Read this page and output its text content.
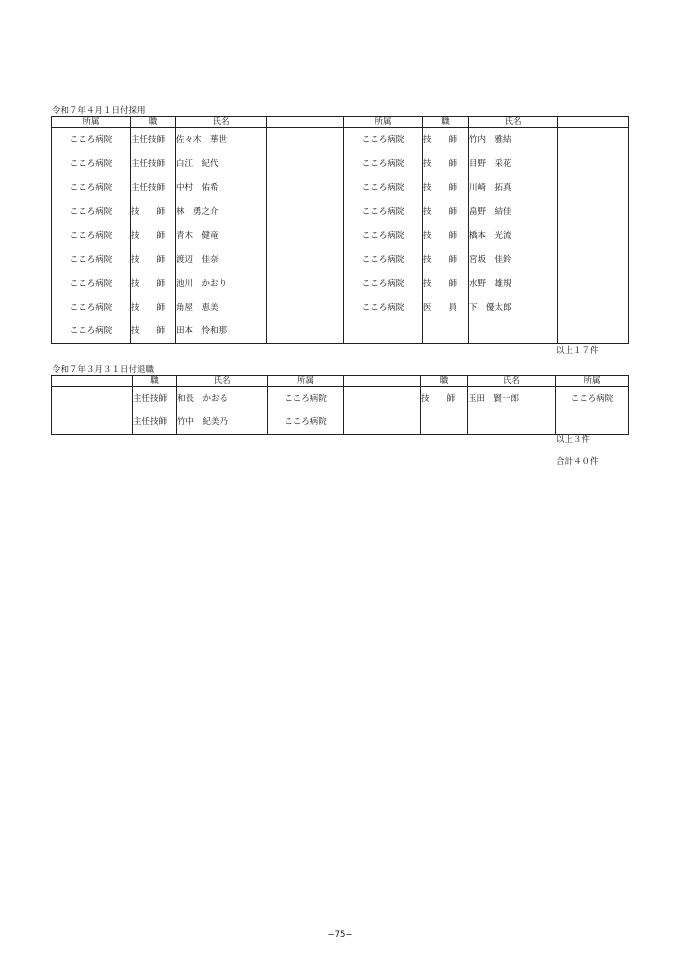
令和７年４月１日付採用
所属	職	氏名		所属	職	氏名	
こころ病院	主任技師	佐々木　華世		こころ病院	技　　師	竹内　雅結	
こころ病院	主任技師	白江　紀代		こころ病院	技　　師	目野　采花	
こころ病院	主任技師	中村　佑希		こころ病院	技　　師	川崎　拓真	
こころ病院	技　　師	林　勇之介		こころ病院	技　　師	畠野　結佳	
こころ病院	技　　師	青木　健竜		こころ病院	技　　師	橋本　光流	
こころ病院	技　　師	渡辺　佳奈		こころ病院	技　　師	宮坂　佳鈴	
こころ病院	技　　師	池川　かおり		こころ病院	技　　師	水野　雄規	
こころ病院	技　　師	角屋　恵美		こころ病院	医　　員	下　優太郎	
こころ病院	技　　師	田本　怜和那					
以上１７件
令和７年３月３１日付退職
	職	氏名	所属		職	氏名	所属
	主任技師	和長　かおる	こころ病院		技　　師	玉田　賢一郎	こころ病院
	主任技師	竹中　紀美乃	こころ病院				
以上３件
合計４０件
−75−
